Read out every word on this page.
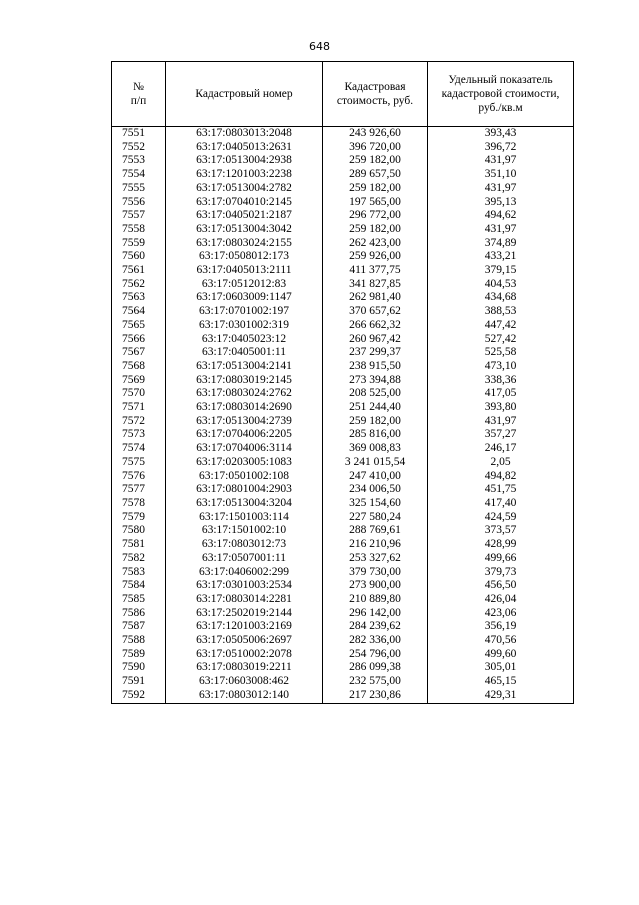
648
№
п/п	Кадастровый номер	Кадастровая стоимость, руб.	Удельный показатель кадастровой стоимости, руб./кв.м
7551	63:17:0803013:2048	243 926,60	393,43
7552	63:17:0405013:2631	396 720,00	396,72
7553	63:17:0513004:2938	259 182,00	431,97
7554	63:17:1201003:2238	289 657,50	351,10
7555	63:17:0513004:2782	259 182,00	431,97
7556	63:17:0704010:2145	197 565,00	395,13
7557	63:17:0405021:2187	296 772,00	494,62
7558	63:17:0513004:3042	259 182,00	431,97
7559	63:17:0803024:2155	262 423,00	374,89
7560	63:17:0508012:173	259 926,00	433,21
7561	63:17:0405013:2111	411 377,75	379,15
7562	63:17:0512012:83	341 827,85	404,53
7563	63:17:0603009:1147	262 981,40	434,68
7564	63:17:0701002:197	370 657,62	388,53
7565	63:17:0301002:319	266 662,32	447,42
7566	63:17:0405023:12	260 967,42	527,42
7567	63:17:0405001:11	237 299,37	525,58
7568	63:17:0513004:2141	238 915,50	473,10
7569	63:17:0803019:2145	273 394,88	338,36
7570	63:17:0803024:2762	208 525,00	417,05
7571	63:17:0803014:2690	251 244,40	393,80
7572	63:17:0513004:2739	259 182,00	431,97
7573	63:17:0704006:2205	285 816,00	357,27
7574	63:17:0704006:3114	369 008,83	246,17
7575	63:17:0203005:1083	3 241 015,54	2,05
7576	63:17:0501002:108	247 410,00	494,82
7577	63:17:0801004:2903	234 006,50	451,75
7578	63:17:0513004:3204	325 154,60	417,40
7579	63:17:1501003:114	227 580,24	424,59
7580	63:17:1501002:10	288 769,61	373,57
7581	63:17:0803012:73	216 210,96	428,99
7582	63:17:0507001:11	253 327,62	499,66
7583	63:17:0406002:299	379 730,00	379,73
7584	63:17:0301003:2534	273 900,00	456,50
7585	63:17:0803014:2281	210 889,80	426,04
7586	63:17:2502019:2144	296 142,00	423,06
7587	63:17:1201003:2169	284 239,62	356,19
7588	63:17:0505006:2697	282 336,00	470,56
7589	63:17:0510002:2078	254 796,00	499,60
7590	63:17:0803019:2211	286 099,38	305,01
7591	63:17:0603008:462	232 575,00	465,15
7592	63:17:0803012:140	217 230,86	429,31
